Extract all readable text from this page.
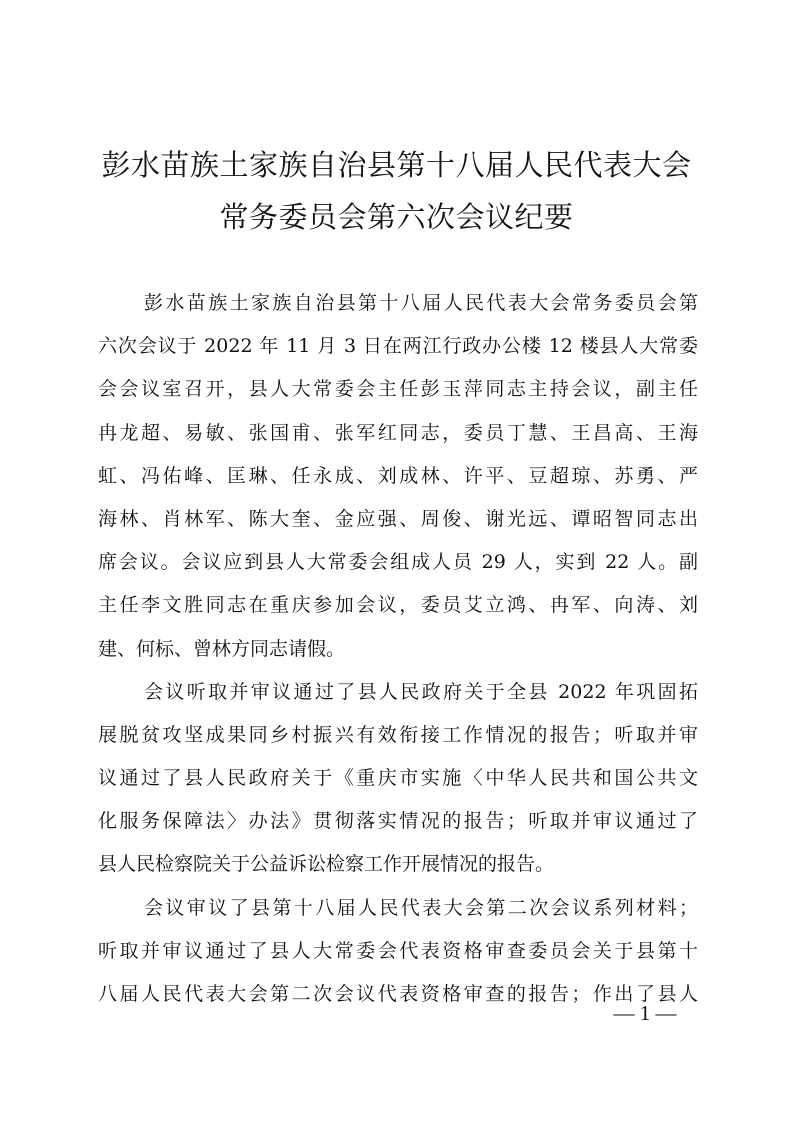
彭水苗族土家族自治县第十八届人民代表大会
常务委员会第六次会议纪要
彭水苗族土家族自治县第十八届人民代表大会常务委员会第
六次会议于 2022 年 11 月 3 日在两江行政办公楼 12 楼县人大常委
会会议室召开，县人大常委会主任彭玉萍同志主持会议，副主任
冉龙超、易敏、张国甫、张军红同志，委员丁慧、王昌高、王海
虹、冯佑峰、匡琳、任永成、刘成林、许平、豆超琼、苏勇、严
海林、肖林军、陈大奎、金应强、周俊、谢光远、谭昭智同志出
席会议。会议应到县人大常委会组成人员 29 人，实到 22 人。副
主任李文胜同志在重庆参加会议，委员艾立鸿、冉军、向涛、刘
建、何标、曾林方同志请假。
会议听取并审议通过了县人民政府关于全县 2022 年巩固拓
展脱贫攻坚成果同乡村振兴有效衔接工作情况的报告；听取并审
议通过了县人民政府关于《重庆市实施〈中华人民共和国公共文
化服务保障法〉办法》贯彻落实情况的报告；听取并审议通过了
县人民检察院关于公益诉讼检察工作开展情况的报告。
会议审议了县第十八届人民代表大会第二次会议系列材料；
听取并审议通过了县人大常委会代表资格审查委员会关于县第十
八届人民代表大会第二次会议代表资格审查的报告；作出了县人
— 1 —
